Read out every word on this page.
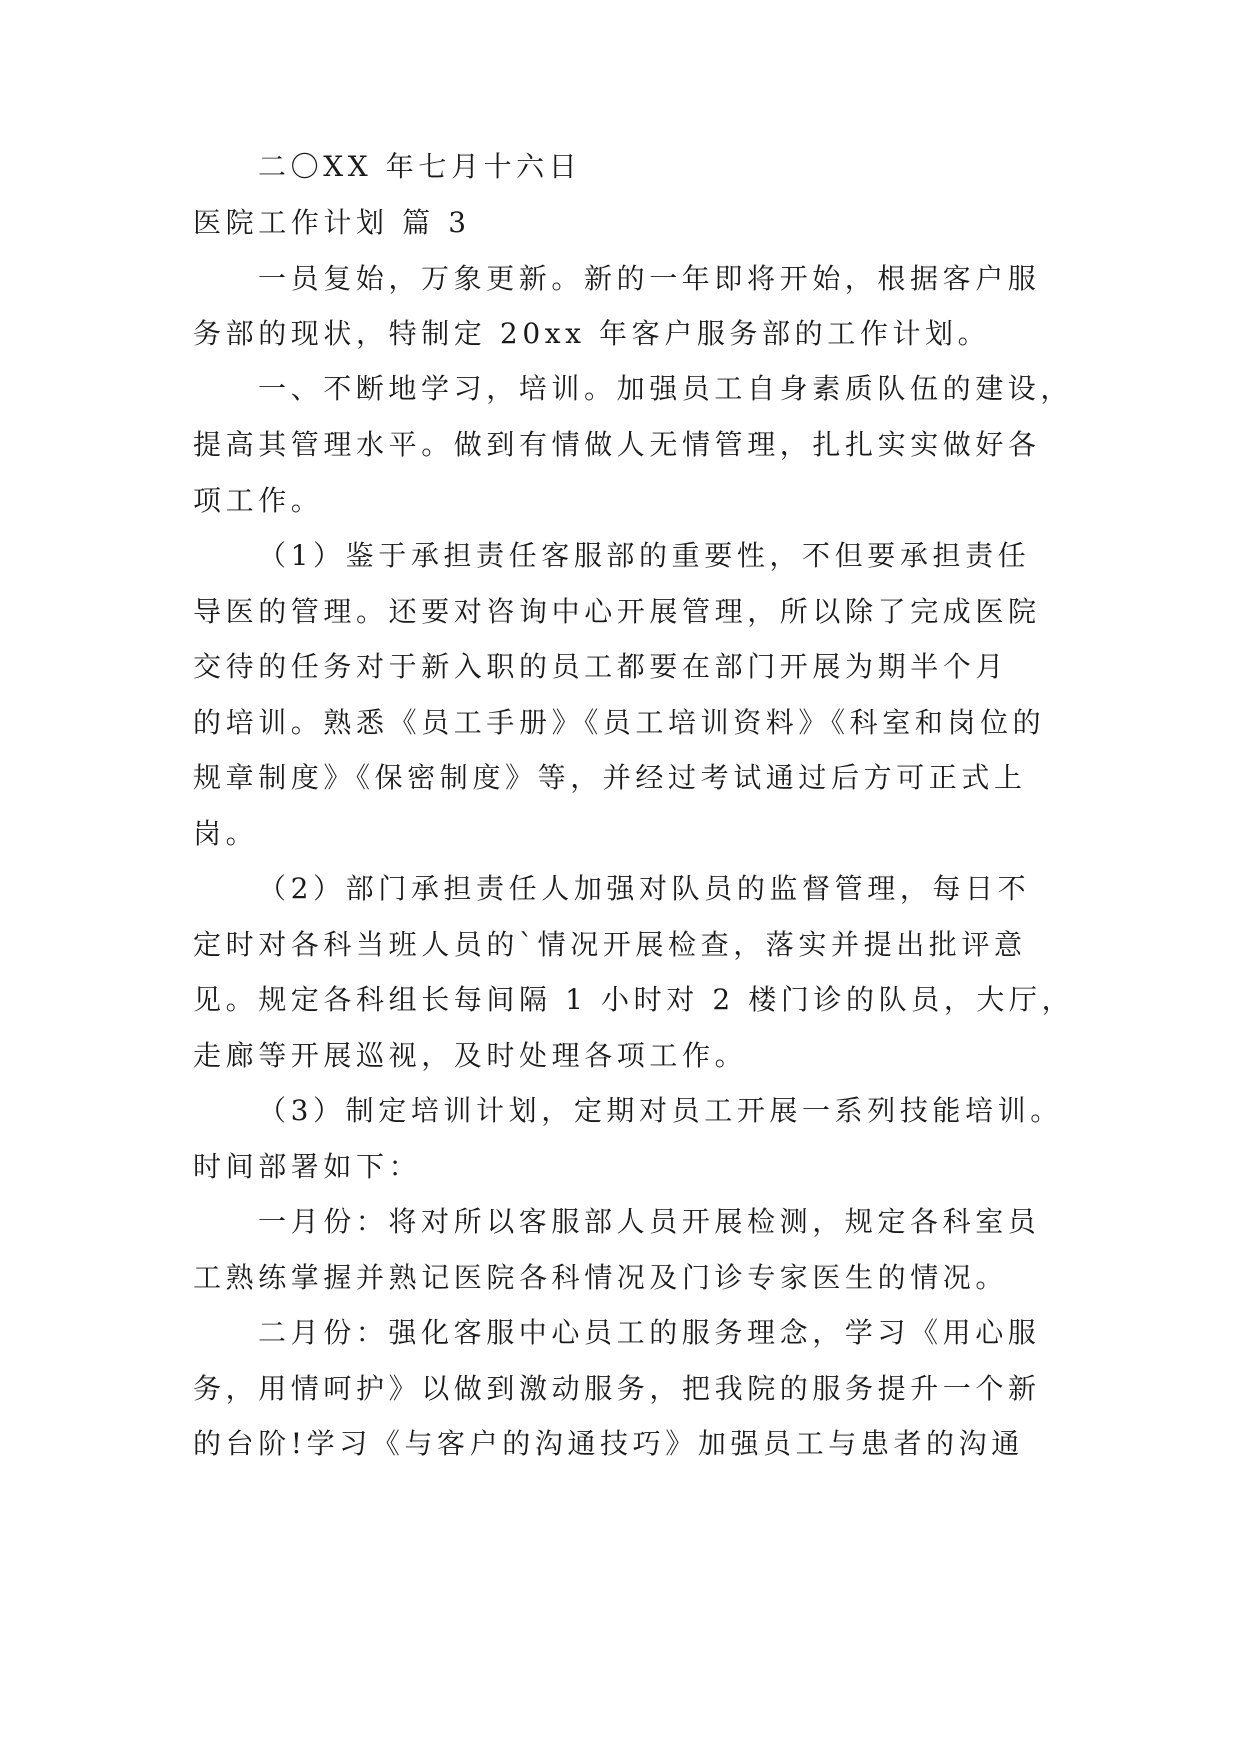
二〇XX 年七月十六日
医院工作计划 篇 3
一员复始，万象更新。新的一年即将开始，根据客户服
务部的现状，特制定 20xx 年客户服务部的工作计划。
一、不断地学习，培训。加强员工自身素质队伍的建设，
提高其管理水平。做到有情做人无情管理，扎扎实实做好各
项工作。
（1）鉴于承担责任客服部的重要性，不但要承担责任
导医的管理。还要对咨询中心开展管理，所以除了完成医院
交待的任务对于新入职的员工都要在部门开展为期半个月
的培训。熟悉《员工手册》《员工培训资料》《科室和岗位的
规章制度》《保密制度》等，并经过考试通过后方可正式上
岗。
（2）部门承担责任人加强对队员的监督管理，每日不
定时对各科当班人员的`情况开展检查，落实并提出批评意
见。规定各科组长每间隔 1 小时对 2 楼门诊的队员，大厅，
走廊等开展巡视，及时处理各项工作。
（3）制定培训计划，定期对员工开展一系列技能培训。
时间部署如下：
一月份：将对所以客服部人员开展检测，规定各科室员
工熟练掌握并熟记医院各科情况及门诊专家医生的情况。
二月份：强化客服中心员工的服务理念，学习《用心服
务，用情呵护》以做到激动服务，把我院的服务提升一个新
的台阶!学习《与客户的沟通技巧》加强员工与患者的沟通
